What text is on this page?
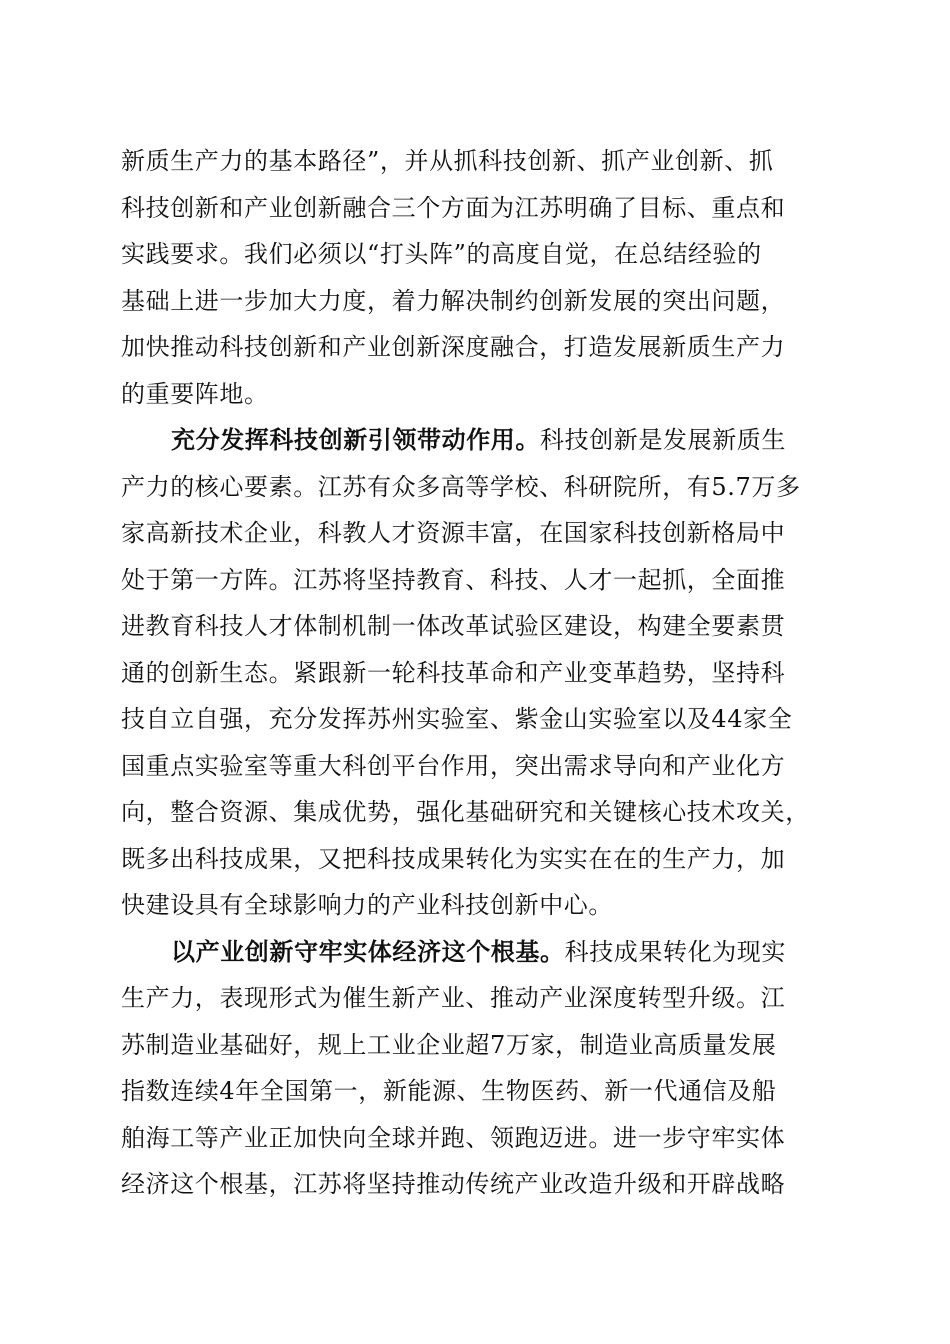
新质生产力的基本路径”，并从抓科技创新、抓产业创新、抓
科技创新和产业创新融合三个方面为江苏明确了目标、重点和
实践要求。我们必须以“打头阵”的高度自觉，在总结经验的
基础上进一步加大力度，着力解决制约创新发展的突出问题，
加快推动科技创新和产业创新深度融合，打造发展新质生产力
的重要阵地。
充分发挥科技创新引领带动作用。科技创新是发展新质生
产力的核心要素。江苏有众多高等学校、科研院所，有5.7万多
家高新技术企业，科教人才资源丰富，在国家科技创新格局中
处于第一方阵。江苏将坚持教育、科技、人才一起抓，全面推
进教育科技人才体制机制一体改革试验区建设，构建全要素贯
通的创新生态。紧跟新一轮科技革命和产业变革趋势，坚持科
技自立自强，充分发挥苏州实验室、紫金山实验室以及44家全
国重点实验室等重大科创平台作用，突出需求导向和产业化方
向，整合资源、集成优势，强化基础研究和关键核心技术攻关，
既多出科技成果，又把科技成果转化为实实在在的生产力，加
快建设具有全球影响力的产业科技创新中心。
以产业创新守牢实体经济这个根基。科技成果转化为现实
生产力，表现形式为催生新产业、推动产业深度转型升级。江
苏制造业基础好，规上工业企业超7万家，制造业高质量发展
指数连续4年全国第一，新能源、生物医药、新一代通信及船
舶海工等产业正加快向全球并跑、领跑迈进。进一步守牢实体
经济这个根基，江苏将坚持推动传统产业改造升级和开辟战略
